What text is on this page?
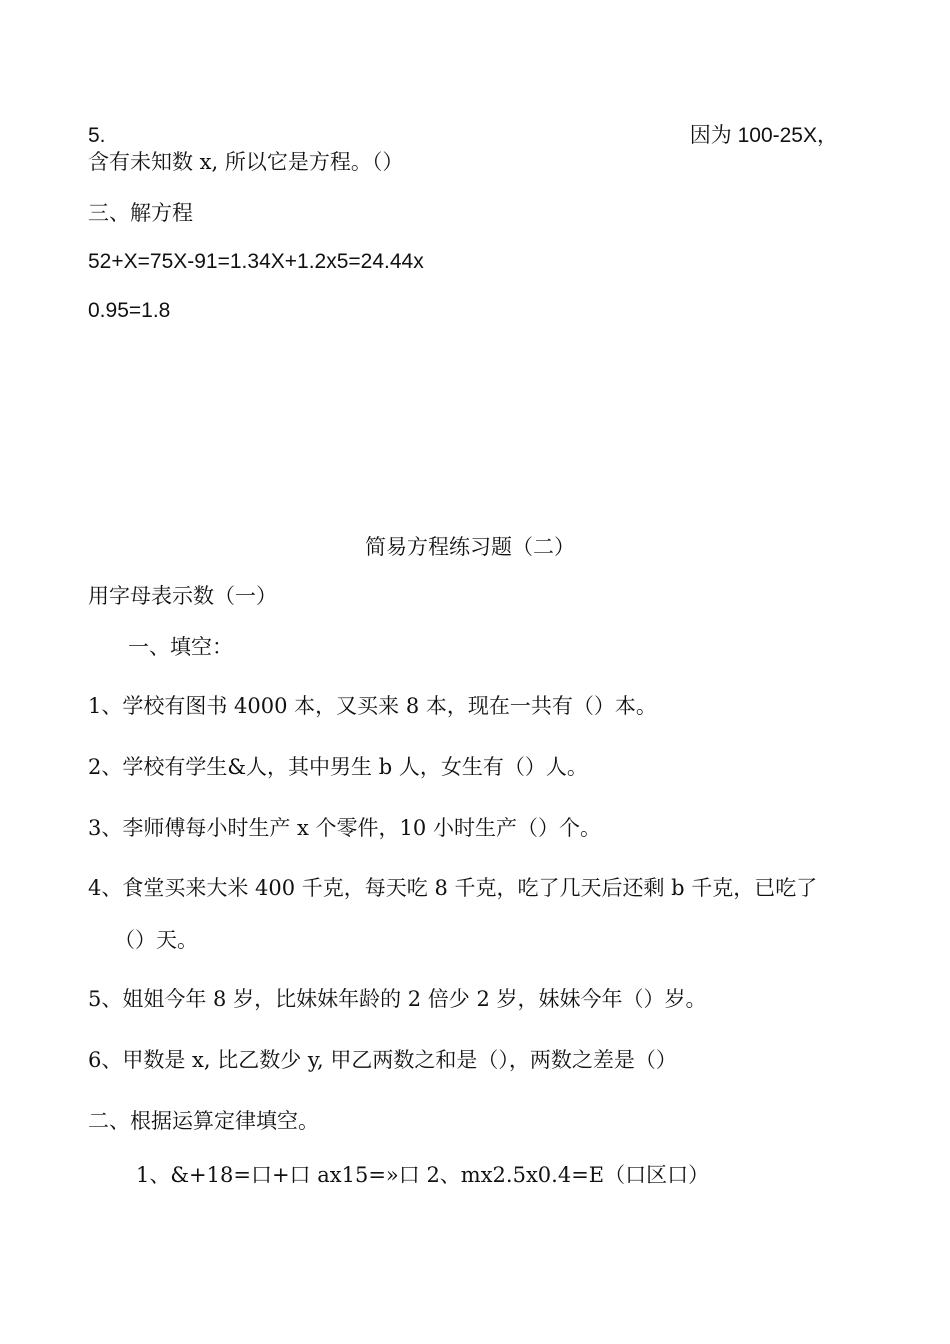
5.	因为 100-25X，
含有未知数 x, 所以它是方程。（）
三、解方程
52+X=75X-91=1.34X+1.2x5=24.44x
0.95=1.8
简易方程练习题（二）
用字母表示数（一）
一、填空：
1、学校有图书 4000 本，又买来 8 本，现在一共有（）本。
2、学校有学生&人，其中男生 b 人，女生有（）人。
3、李师傅每小时生产 x 个零件，10 小时生产（）个。
4、食堂买来大米 400 千克，每天吃 8 千克，吃了几天后还剩 b 千克，已吃了
（）天。
5、姐姐今年 8 岁，比妹妹年龄的 2 倍少 2 岁，妹妹今年（）岁。
6、甲数是 x, 比乙数少 y, 甲乙两数之和是（），两数之差是（）
二、根据运算定律填空。
1、&+18=口+口 ax15=»口 2、mx2.5x0.4=E（口区口）
